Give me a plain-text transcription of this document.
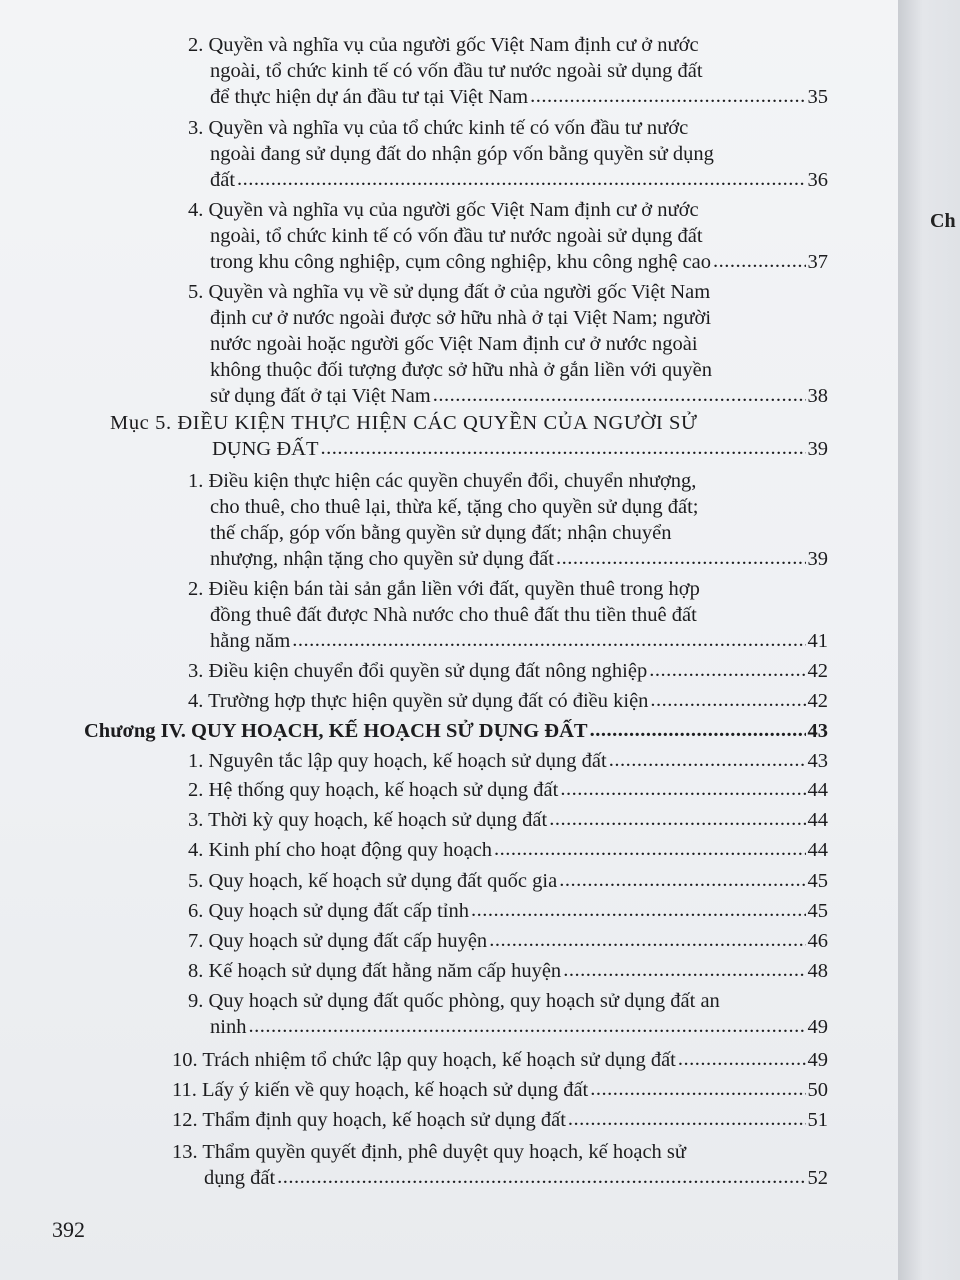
2. Quyền và nghĩa vụ của người gốc Việt Nam định cư ở nước
ngoài, tổ chức kinh tế có vốn đầu tư nước ngoài sử dụng đất
để thực hiện dự án đầu tư tại Việt Nam .....	35
3. Quyền và nghĩa vụ của tổ chức kinh tế có vốn đầu tư nước
ngoài đang sử dụng đất do nhận góp vốn bằng quyền sử dụng
đất .....	36
4. Quyền và nghĩa vụ của người gốc Việt Nam định cư ở nước
ngoài, tổ chức kinh tế có vốn đầu tư nước ngoài sử dụng đất
trong khu công nghiệp, cụm công nghiệp, khu công nghệ cao .....	37
5. Quyền và nghĩa vụ về sử dụng đất ở của người gốc Việt Nam
định cư ở nước ngoài được sở hữu nhà ở tại Việt Nam; người
nước ngoài hoặc người gốc Việt Nam định cư ở nước ngoài
không thuộc đối tượng được sở hữu nhà ở gắn liền với quyền
sử dụng đất ở tại Việt Nam .....	38
Mục 5. ĐIỀU KIỆN THỰC HIỆN CÁC QUYỀN CỦA NGƯỜI SỬ
DỤNG ĐẤT .....	39
1. Điều kiện thực hiện các quyền chuyển đổi, chuyển nhượng,
cho thuê, cho thuê lại, thừa kế, tặng cho quyền sử dụng đất;
thế chấp, góp vốn bằng quyền sử dụng đất; nhận chuyển
nhượng, nhận tặng cho quyền sử dụng đất .....	39
2. Điều kiện bán tài sản gắn liền với đất, quyền thuê trong hợp
đồng thuê đất được Nhà nước cho thuê đất thu tiền thuê đất
hằng năm .....	41
3. Điều kiện chuyển đổi quyền sử dụng đất nông nghiệp .....	42
4. Trường hợp thực hiện quyền sử dụng đất có điều kiện .....	42
Chương IV. QUY HOẠCH, KẾ HOẠCH SỬ DỤNG ĐẤT .....	43
1. Nguyên tắc lập quy hoạch, kế hoạch sử dụng đất .....	43
2. Hệ thống quy hoạch, kế hoạch sử dụng đất .....	44
3. Thời kỳ quy hoạch, kế hoạch sử dụng đất .....	44
4. Kinh phí cho hoạt động quy hoạch .....	44
5. Quy hoạch, kế hoạch sử dụng đất quốc gia .....	45
6. Quy hoạch sử dụng đất cấp tỉnh .....	45
7. Quy hoạch sử dụng đất cấp huyện .....	46
8. Kế hoạch sử dụng đất hằng năm cấp huyện .....	48
9. Quy hoạch sử dụng đất quốc phòng, quy hoạch sử dụng đất an
ninh .....	49
10. Trách nhiệm tổ chức lập quy hoạch, kế hoạch sử dụng đất .....	49
11. Lấy ý kiến về quy hoạch, kế hoạch sử dụng đất .....	50
12. Thẩm định quy hoạch, kế hoạch sử dụng đất .....	51
13. Thẩm quyền quyết định, phê duyệt quy hoạch, kế hoạch sử
dụng đất .....	52
392
Ch
